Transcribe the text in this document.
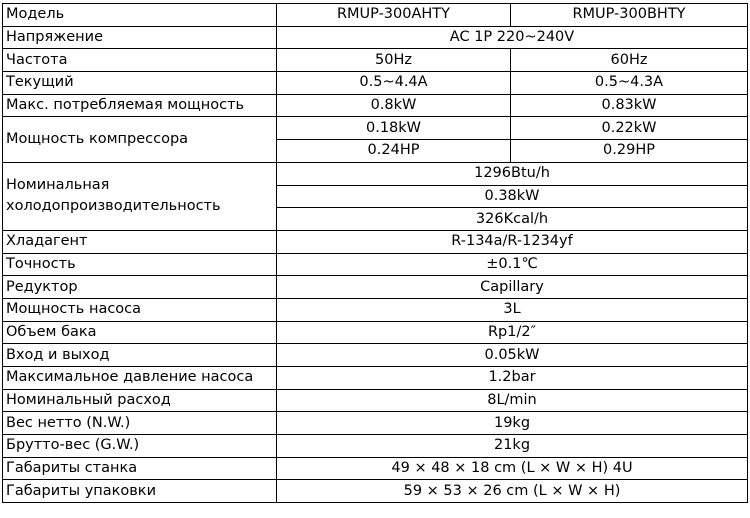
Модель	RMUP-300AHTY	RMUP-300BHTY
Напряжение	AC 1P 220~240V	
Частота	50Hz	60Hz
Текущий	0.5~4.4A	0.5~4.3A
Макс. потребляемая мощность	0.8kW	0.83kW
Мощность компрессора	0.18kW	0.22kW
	0.24HP	0.29HP
Номинальная холодопроизводительность	1296Btu/h	
	0.38kW	
	326Kcal/h	
Хладагент	R-134a/R-1234yf	
Точность	±0.1℃	
Редуктор	Capillary	
Мощность насоса	3L	
Объем бака	Rp1/2″	
Вход и выход	0.05kW	
Максимальное давление насоса	1.2bar	
Номинальный расход	8L/min	
Вес нетто (N.W.)	19kg	
Брутто-вес (G.W.)	21kg	
Габариты станка	49 × 48 × 18 cm (L × W × H) 4U	
Габариты упаковки	59 × 53 × 26 cm (L × W × H)	
